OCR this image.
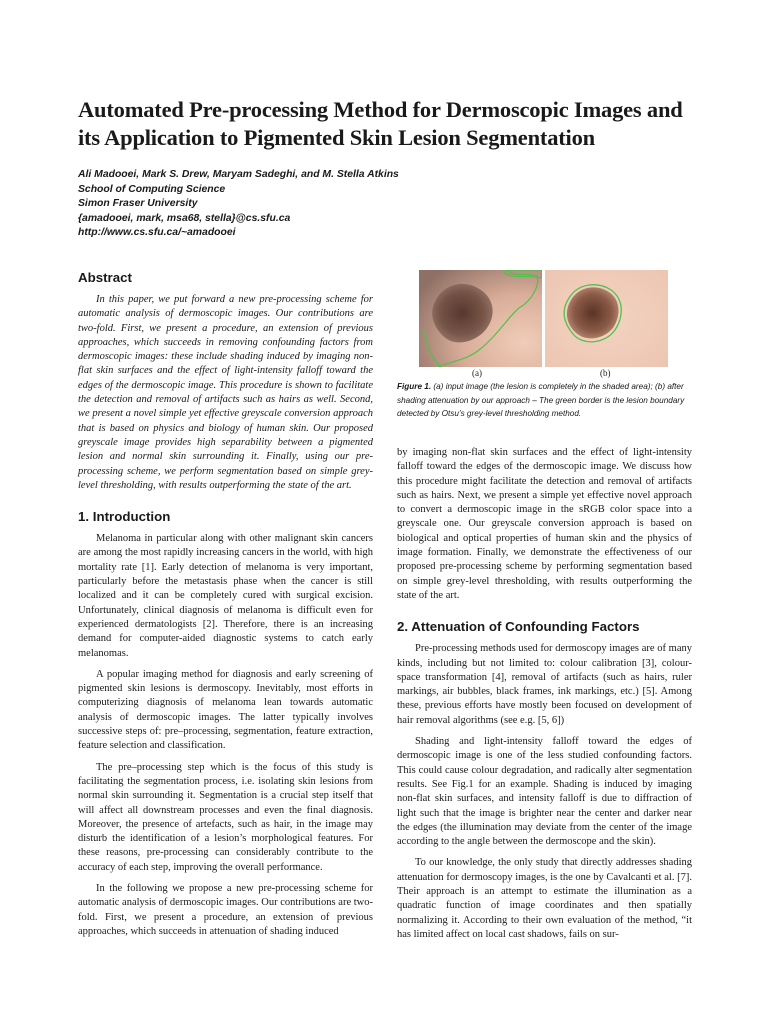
Automated Pre-processing Method for Dermoscopic Images and
its Application to Pigmented Skin Lesion Segmentation
Ali Madooei, Mark S. Drew, Maryam Sadeghi, and M. Stella Atkins
School of Computing Science
Simon Fraser University
{amadooei, mark, msa68, stella}@cs.sfu.ca
http://www.cs.sfu.ca/~amadooei
Abstract

In this paper, we put forward a new pre-processing scheme for automatic analysis of dermoscopic images. Our contributions are two-fold. First, we present a procedure, an extension of previous approaches, which succeeds in removing confounding factors from dermoscopic images: these include shading induced by imaging non-flat skin surfaces and the effect of light-intensity falloff toward the edges of the dermoscopic image. This procedure is shown to facilitate the detection and removal of artifacts such as hairs as well. Second, we present a novel simple yet effective greyscale conversion approach that is based on physics and biology of human skin. Our proposed greyscale image provides high separability between a pigmented lesion and normal skin surrounding it. Finally, using our pre-processing scheme, we perform segmentation based on simple grey-level thresholding, with results outperforming the state of the art.

1. Introduction

Melanoma in particular along with other malignant skin cancers are among the most rapidly increasing cancers in the world, with high mortality rate [1]. Early detection of melanoma is very important, particularly before the metastasis phase when the cancer is still localized and it can be completely cured with surgical excision. Unfortunately, clinical diagnosis of melanoma is difficult even for experienced dermatologists [2]. Therefore, there is an increasing demand for computer-aided diagnostic systems to catch early melanomas.

A popular imaging method for diagnosis and early screening of pigmented skin lesions is dermoscopy. Inevitably, most efforts in computerizing diagnosis of melanoma lean towards automatic analysis of dermoscopic images. The latter typically involves successive steps of: pre–processing, segmentation, feature extraction, feature selection and classification.

The pre–processing step which is the focus of this study is facilitating the segmentation process, i.e. isolating skin lesions from normal skin surrounding it. Segmentation is a crucial step itself that will affect all downstream processes and even the final diagnosis. Moreover, the presence of artefacts, such as hair, in the image may disturb the identification of a lesion’s morphological features. For these reasons, pre-processing can considerably contribute to the accuracy of each step, improving the overall performance.

In the following we propose a new pre-processing scheme for automatic analysis of dermoscopic images. Our contributions are two-fold. First, we present a procedure, an extension of previous approaches, which succeeds in attenuation of shading induced

(a)	(b)
Figure 1. (a) input image (the lesion is completely in the shaded area); (b) after shading attenuation by our approach – The green border is the lesion boundary detected by Otsu’s grey-level thresholding method.

by imaging non-flat skin surfaces and the effect of light-intensity falloff toward the edges of the dermoscopic image. We discuss how this procedure might facilitate the detection and removal of artifacts such as hairs. Next, we present a simple yet effective novel approach to convert a dermoscopic image in the sRGB color space into a greyscale one. Our greyscale conversion approach is based on biological and optical properties of human skin and the physics of image formation. Finally, we demonstrate the effectiveness of our proposed pre-processing scheme by performing segmentation based on simple grey-level thresholding, with results outperforming the state of the art.

2. Attenuation of Confounding Factors

Pre-processing methods used for dermoscopy images are of many kinds, including but not limited to: colour calibration [3], colour-space transformation [4], removal of artifacts (such as hairs, ruler markings, air bubbles, black frames, ink markings, etc.) [5]. Among these, previous efforts have mostly been focused on development of hair removal algorithms (see e.g. [5, 6])

Shading and light-intensity falloff toward the edges of dermoscopic image is one of the less studied confounding factors. This could cause colour degradation, and radically alter segmentation results. See Fig.1 for an example. Shading is induced by imaging non-flat skin surfaces, and intensity falloff is due to diffraction of light such that the image is brighter near the center and darker near the edges (the illumination may deviate from the center of the image according to the angle between the dermoscope and the skin).

To our knowledge, the only study that directly addresses shading attenuation for dermoscopy images, is the one by Cavalcanti et al. [7]. Their approach is an attempt to estimate the illumination as a quadratic function of image coordinates and then spatially normalizing it. According to their own evaluation of the method, “it has limited affect on local cast shadows, fails on sur-
